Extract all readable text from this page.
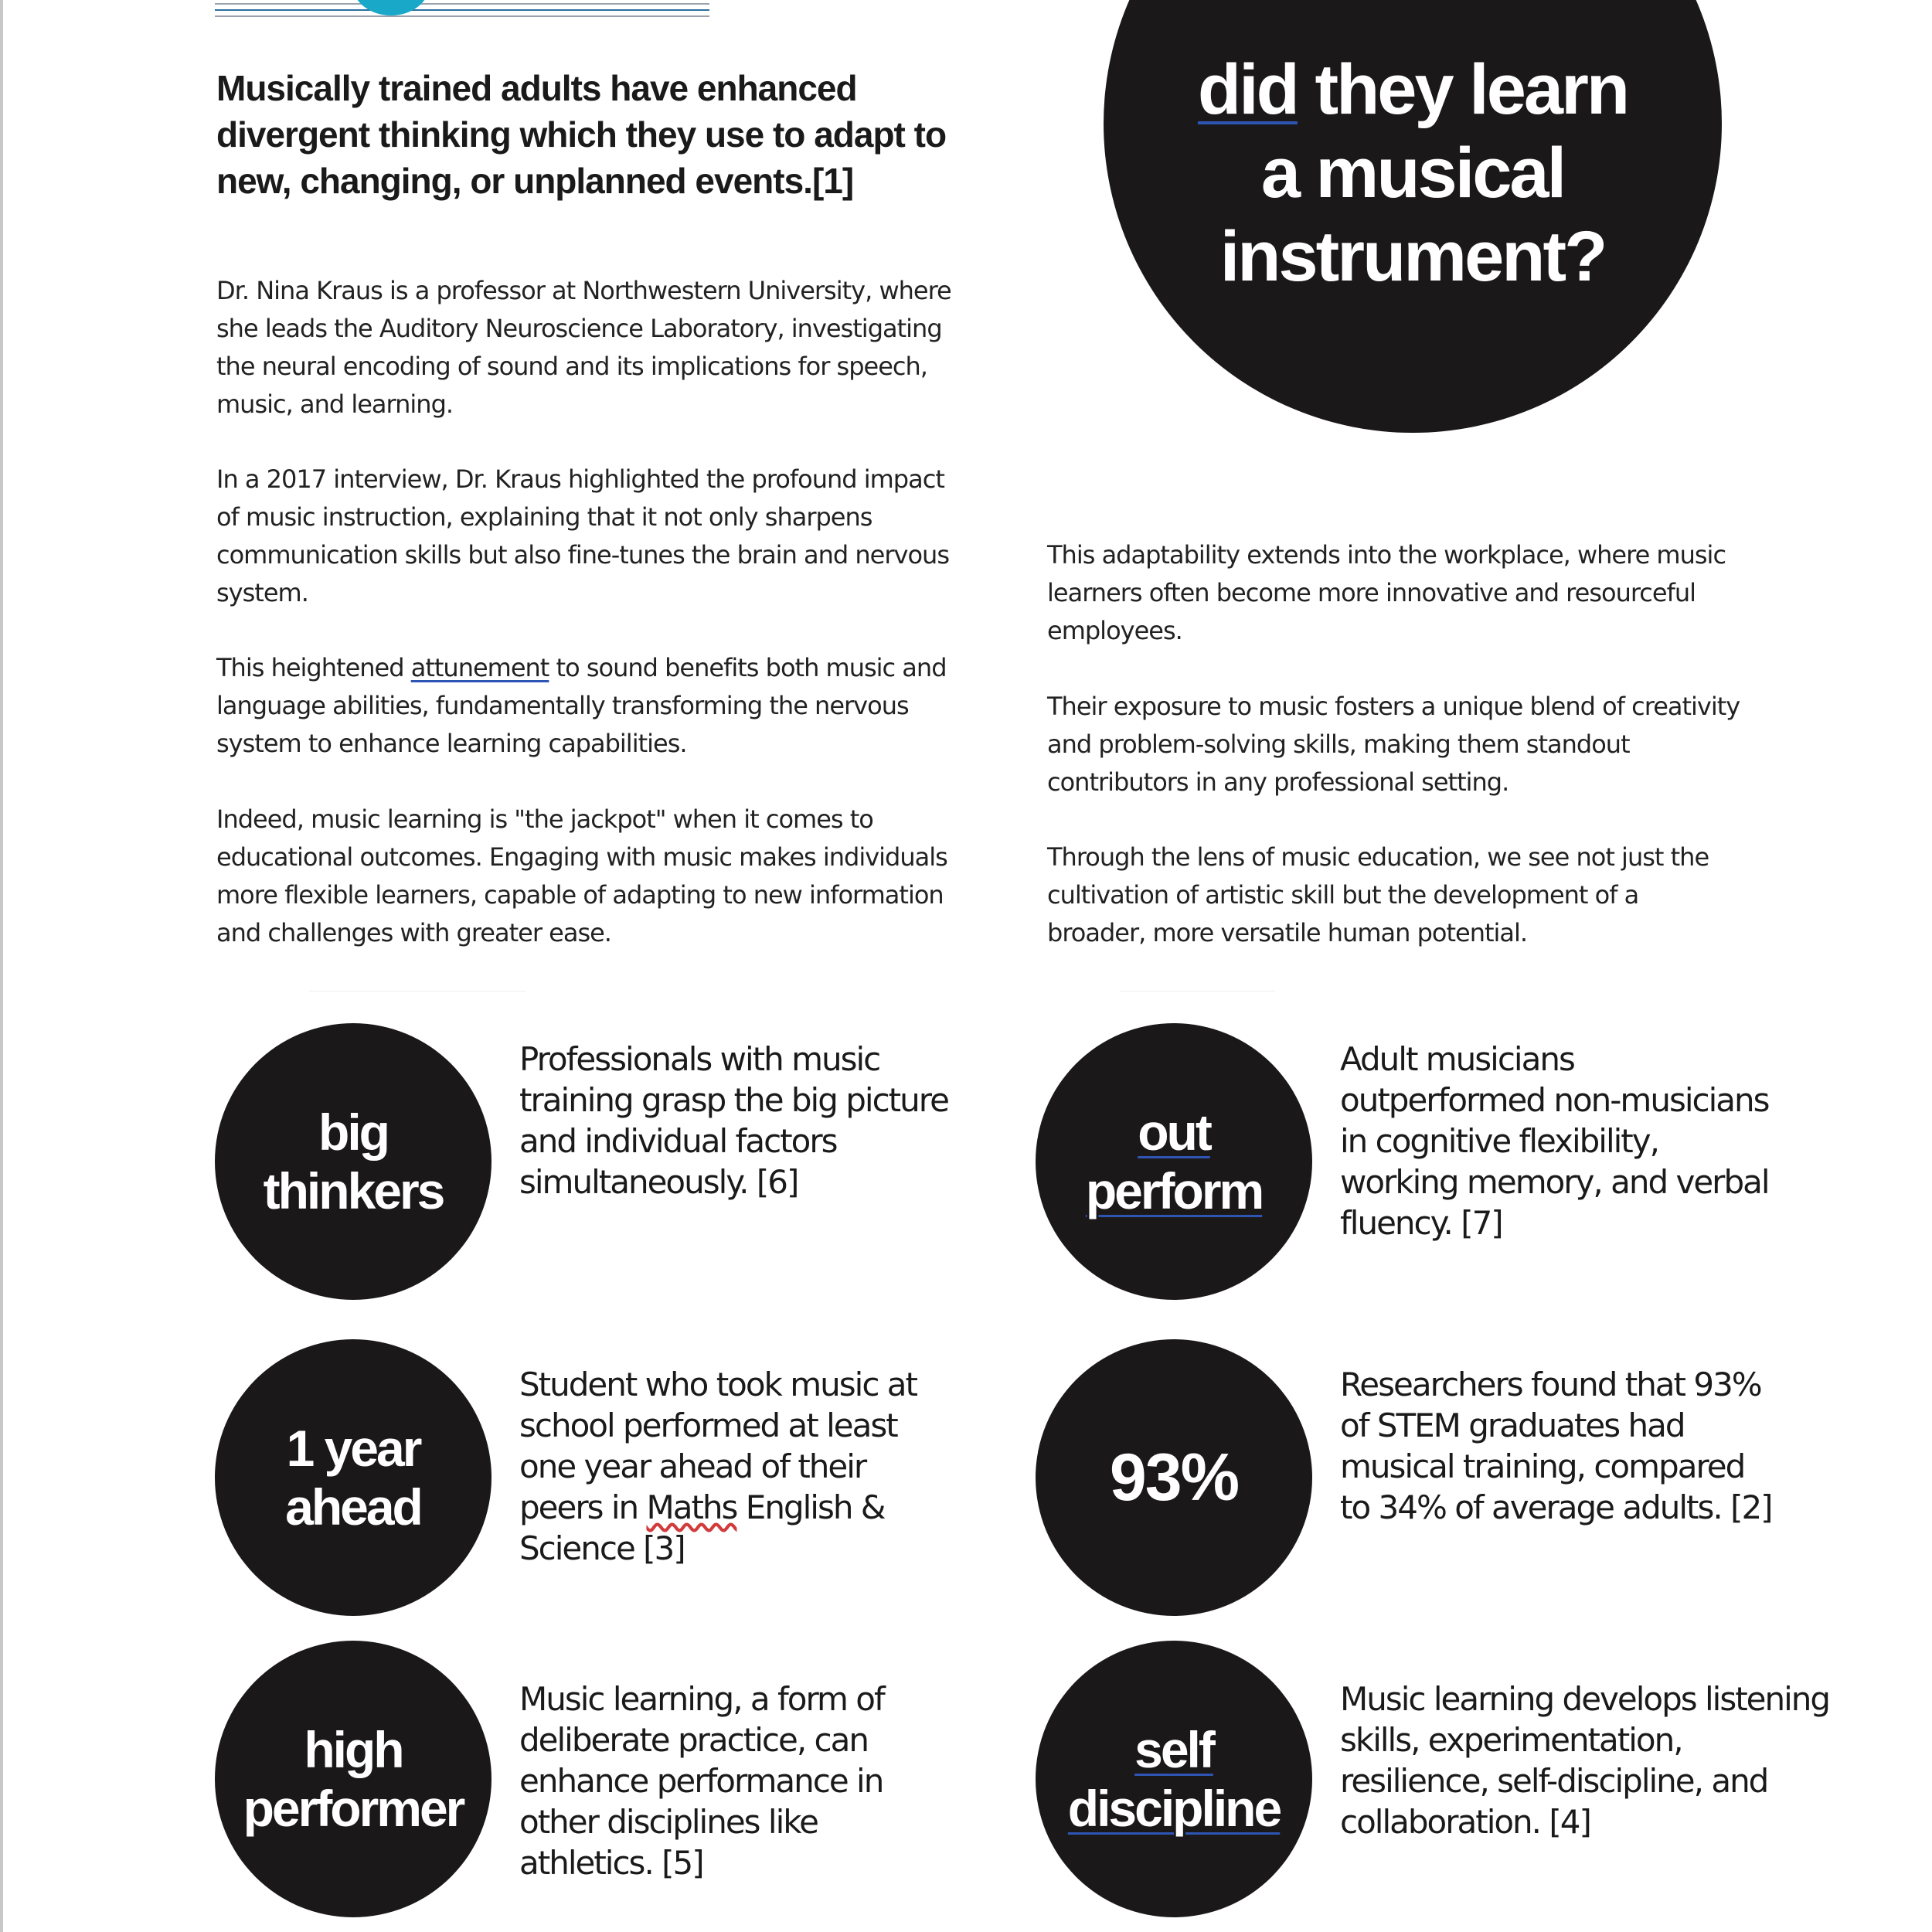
Musically trained adults have enhanced
divergent thinking which they use to adapt to
new, changing, or unplanned events.[1]
did they learn
a musical
instrument?

Dr. Nina Kraus is a professor at Northwestern University, where she leads the Auditory Neuroscience Laboratory, investigating the neural encoding of sound and its implications for speech, music, and learning.

In a 2017 interview, Dr. Kraus highlighted the profound impact of music instruction, explaining that it not only sharpens communication skills but also fine-tunes the brain and nervous system.

This heightened attunement to sound benefits both music and language abilities, fundamentally transforming the nervous system to enhance learning capabilities.

Indeed, music learning is "the jackpot" when it comes to educational outcomes. Engaging with music makes individuals more flexible learners, capable of adapting to new information and challenges with greater ease.

This adaptability extends into the workplace, where music learners often become more innovative and resourceful employees.

Their exposure to music fosters a unique blend of creativity and problem-solving skills, making them standout contributors in any professional setting.

Through the lens of music education, we see not just the cultivation of artistic skill but the development of a broader, more versatile human potential.

big
thinkers

Professionals with music training grasp the big picture and individual factors simultaneously. [6]

out
perform

Adult musicians outperformed non-musicians in cognitive flexibility, working memory, and verbal fluency. [7]

1 year
ahead

Student who took music at school performed at least one year ahead of their peers in Maths English & Science [3]

93%

Researchers found that 93% of STEM graduates had musical training, compared to 34% of average adults. [2]

high
performer

Music learning, a form of deliberate practice, can enhance performance in other disciplines like athletics. [5]

self
discipline

Music learning develops listening skills, experimentation, resilience, self-discipline, and collaboration. [4]
